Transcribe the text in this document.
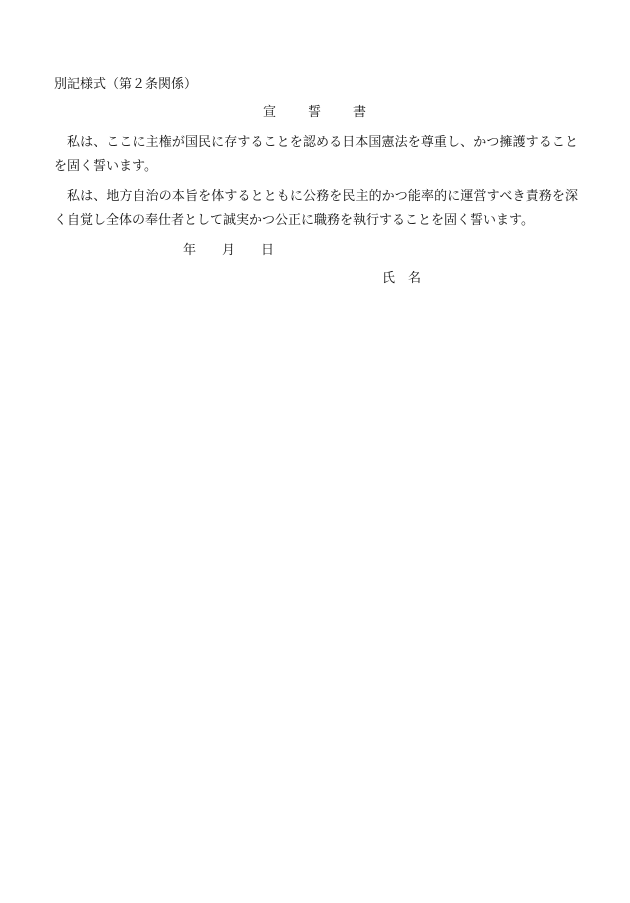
別記様式（第２条関係）
宣 誓 書
私は、ここに主権が国民に存することを認める日本国憲法を尊重し、かつ擁護することを固く誓います。
私は、地方自治の本旨を体するとともに公務を民主的かつ能率的に運営すべき責務を深く自覚し全体の奉仕者として誠実かつ公正に職務を執行することを固く誓います。
年 月 日
氏 名
